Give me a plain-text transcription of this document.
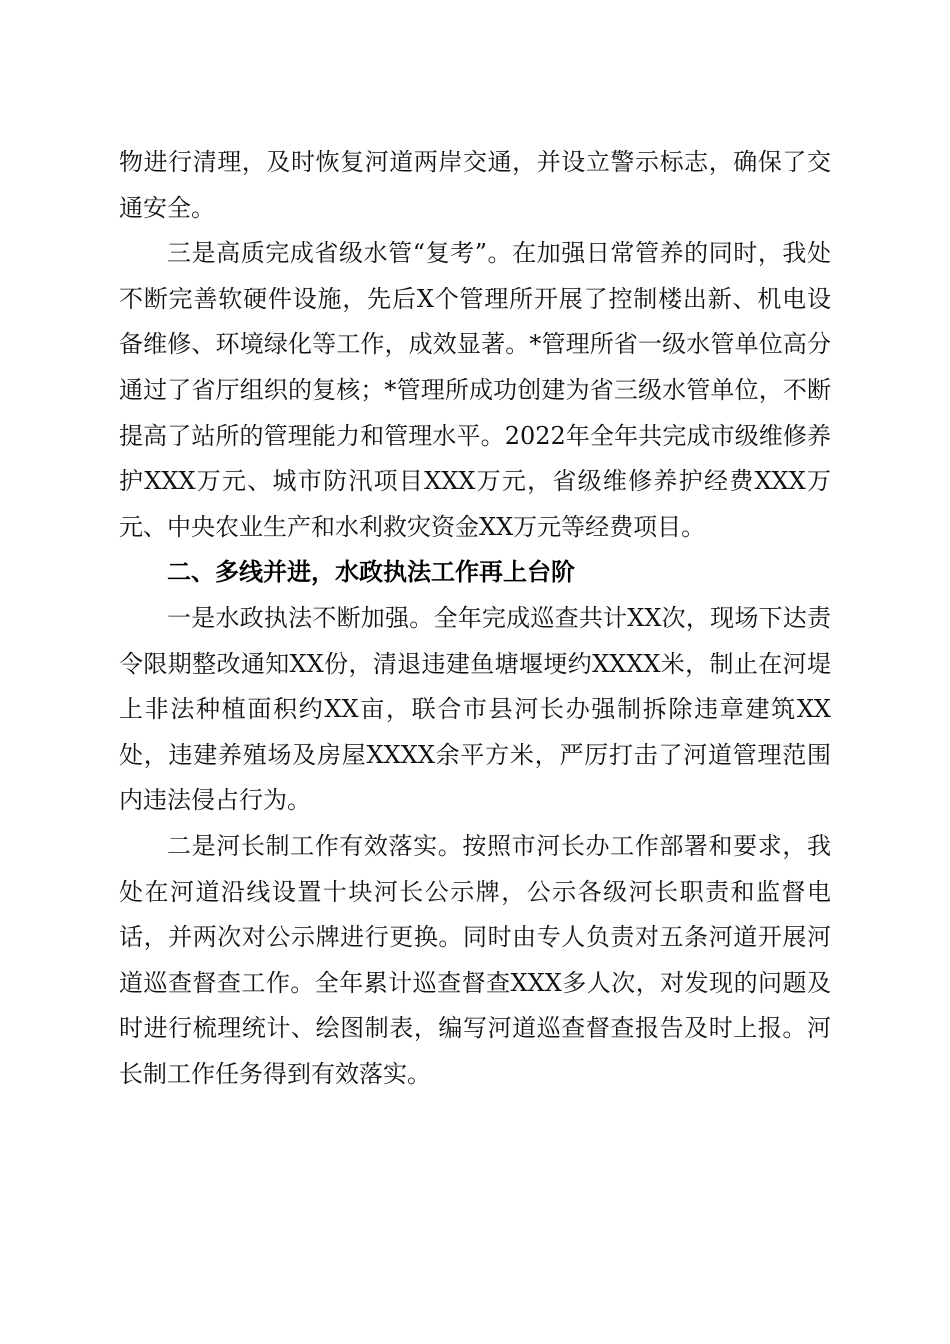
物进行清理，及时恢复河道两岸交通，并设立警示标志，确保了交通安全。

三是高质完成省级水管“复考”。在加强日常管养的同时，我处不断完善软硬件设施，先后X个管理所开展了控制楼出新、机电设备维修、环境绿化等工作，成效显著。*管理所省一级水管单位高分通过了省厅组织的复核；*管理所成功创建为省三级水管单位，不断提高了站所的管理能力和管理水平。2022年全年共完成市级维修养护XXX万元、城市防汛项目XXX万元，省级维修养护经费XXX万元、中央农业生产和水利救灾资金XX万元等经费项目。

二、多线并进，水政执法工作再上台阶

一是水政执法不断加强。全年完成巡查共计XX次，现场下达责令限期整改通知XX份，清退违建鱼塘堰埂约XXXX米，制止在河堤上非法种植面积约XX亩，联合市县河长办强制拆除违章建筑XX处，违建养殖场及房屋XXXX余平方米，严厉打击了河道管理范围内违法侵占行为。

二是河长制工作有效落实。按照市河长办工作部署和要求，我处在河道沿线设置十块河长公示牌，公示各级河长职责和监督电话，并两次对公示牌进行更换。同时由专人负责对五条河道开展河道巡查督查工作。全年累计巡查督查XXX多人次，对发现的问题及时进行梳理统计、绘图制表，编写河道巡查督查报告及时上报。河长制工作任务得到有效落实。
